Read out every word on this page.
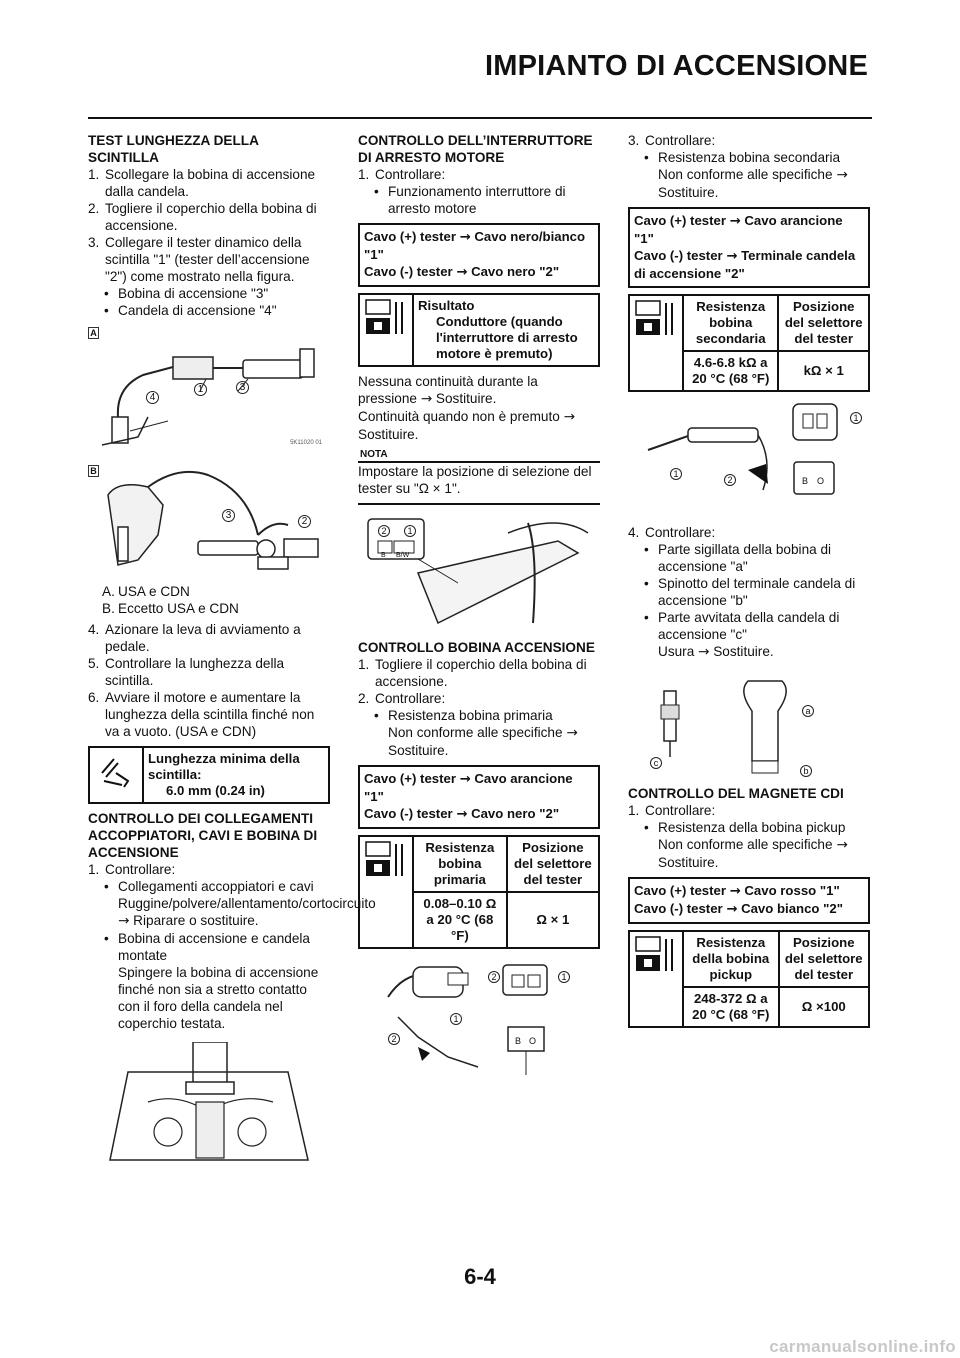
IMPIANTO DI ACCENSIONE
TEST LUNGHEZZA DELLA SCINTILLA
1. Scollegare la bobina di accensione dalla candela.
2. Togliere il coperchio della bobina di accensione.
3. Collegare il tester dinamico della scintilla "1" (tester dell’accensione "2") come mostrato nella figura.
• Bobina di accensione "3"
• Candela di accensione "4"
A
1	3
4
5K11020 01
B
3
2
A. USA e CDN
B. Eccetto USA e CDN
4. Azionare la leva di avviamento a pedale.
5. Controllare la lunghezza della scintilla.
6. Avviare il motore e aumentare la lunghezza della scintilla finché non va a vuoto. (USA e CDN)

Lunghezza minima della scintilla:
6.0 mm (0.24 in)
CONTROLLO DEI COLLEGAMENTI ACCOPPIATORI, CAVI E BOBINA DI ACCENSIONE
1. Controllare:
• Collegamenti accoppiatori e cavi
Ruggine/polvere/allentamento/cortocircuito → Riparare o sostituire.
• Bobina di accensione e candela montate
Spingere la bobina di accensione finché non sia a stretto contatto con il foro della candela nel coperchio testata.
CONTROLLO DELL’INTERRUTTORE DI ARRESTO MOTORE
1. Controllare:
• Funzionamento interruttore di arresto motore
Cavo (+) tester → Cavo nero/bianco "1"
Cavo (-) tester → Cavo nero "2"

Risultato
Conduttore (quando l'interruttore di arresto motore è premuto)
Nessuna continuità durante la pressione → Sostituire.
Continuità quando non è premuto → Sostituire.
NOTA
Impostare la posizione di selezione del tester su "Ω × 1".
B B/W
2	1
CONTROLLO BOBINA ACCENSIONE
1. Togliere il coperchio della bobina di accensione.
2. Controllare:
• Resistenza bobina primaria
Non conforme alle specifiche →
Sostituire.
Cavo (+) tester → Cavo arancione "1"
Cavo (-) tester → Cavo nero "2"
	Resistenza bobina primaria	Posizione del selettore del tester
	0.08–0.10 Ω a 20 °C (68 °F)	Ω × 1
B O
2	1
1
2
3. Controllare:
• Resistenza bobina secondaria
Non conforme alle specifiche →
Sostituire.
Cavo (+) tester → Cavo arancione "1"
Cavo (-) tester → Terminale candela di accensione "2"
	Resistenza bobina secondaria	Posizione del selettore del tester
	4.6-6.8 kΩ a 20 °C (68 °F)	kΩ × 1
B O
1
1
2
4. Controllare:
• Parte sigillata della bobina di accensione "a"
• Spinotto del terminale candela di accensione "b"
• Parte avvitata della candela di accensione "c"
Usura → Sostituire.
a
c
b
CONTROLLO DEL MAGNETE CDI
1. Controllare:
• Resistenza della bobina pickup
Non conforme alle specifiche →
Sostituire.
Cavo (+) tester → Cavo rosso "1"
Cavo (-) tester → Cavo bianco "2"
	Resistenza della bobina pickup	Posizione del selettore del tester
	248-372 Ω a 20 °C (68 °F)	Ω ×100
6-4
carmanualsonline.info
